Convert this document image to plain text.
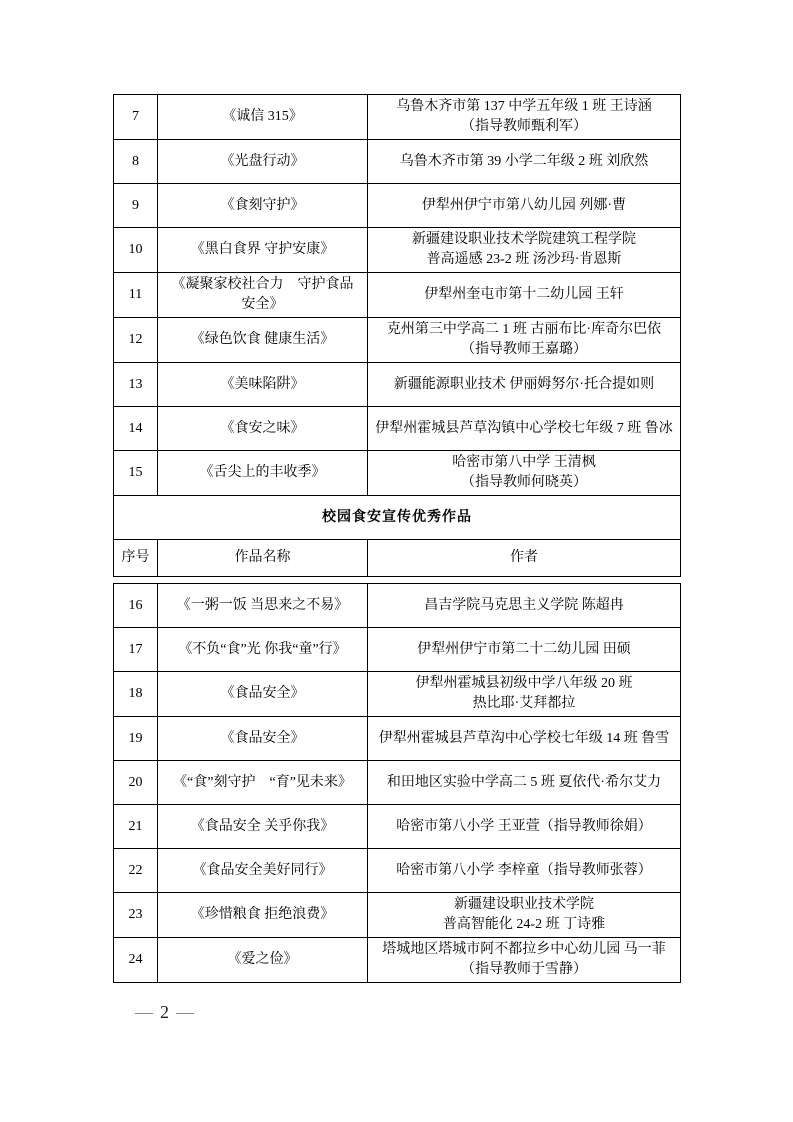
7	《诚信 315》	乌鲁木齐市第 137 中学五年级 1 班 王诗涵
（指导教师甄利军）

8	《光盘行动》	乌鲁木齐市第 39 小学二年级 2 班 刘欣然

9	《食刻守护》	伊犁州伊宁市第八幼儿园 列娜·曹

10	《黑白食界 守护安康》	新疆建设职业技术学院建筑工程学院
普高遥感 23-2 班 汤沙玛·肯恩斯

11	《凝聚家校社合力　守护食品
安全》	伊犁州奎屯市第十二幼儿园 王轩

12	《绿色饮食 健康生活》	克州第三中学高二 1 班 古丽布比·库奇尔巴依
（指导教师王嘉璐）

13	《美味陷阱》	新疆能源职业技术 伊丽姆努尔·托合提如则

14	《食安之味》	伊犁州霍城县芦草沟镇中心学校七年级 7 班 鲁冰

15	《舌尖上的丰收季》	哈密市第八中学 王清枫
（指导教师何晓英）

校园食安宣传优秀作品		
序号	作品名称	作者
16	《一粥一饭 当思来之不易》	昌吉学院马克思主义学院 陈超冉

17	《不负“食”光 你我“童”行》	伊犁州伊宁市第二十二幼儿园 田硕

18	《食品安全》	伊犁州霍城县初级中学八年级 20 班
热比耶·艾拜都拉

19	《食品安全》	伊犁州霍城县芦草沟中心学校七年级 14 班 鲁雪

20	《“食”刻守护　“育”见未来》	和田地区实验中学高二 5 班 夏依代·希尔艾力

21	《食品安全 关乎你我》	哈密市第八小学 王亚萱（指导教师徐娟）

22	《食品安全美好同行》	哈密市第八小学 李梓童（指导教师张蓉）

23	《珍惜粮食 拒绝浪费》	新疆建设职业技术学院
普高智能化 24-2 班 丁诗雅

24	《爱之俭》	塔城地区塔城市阿不都拉乡中心幼儿园 马一菲
（指导教师于雪静）
— 2 —
